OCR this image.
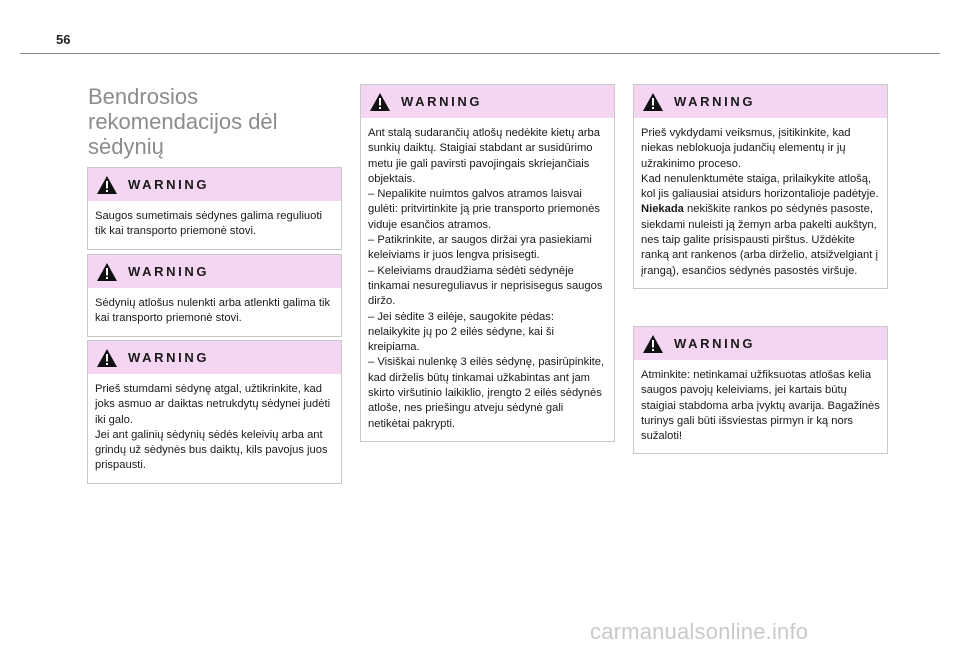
56
Bendrosios rekomendacijos dėl sėdynių
WARNING
Saugos sumetimais sėdynes galima reguliuoti tik kai transporto priemonė stovi.
WARNING
Sėdynių atlošus nulenkti arba atlenkti galima tik kai transporto priemonė stovi.
WARNING
Prieš stumdami sėdynę atgal, užtikrinkite, kad joks asmuo ar daiktas netrukdytų sėdynei judėti iki galo.
Jei ant galinių sėdynių sėdės keleivių arba ant grindų už sėdynės bus daiktų, kils pavojus juos prispausti.
WARNING
Ant stalą sudarančių atlošų nedėkite kietų arba sunkių daiktų. Staigiai stabdant ar susidūrimo metu jie gali pavirsti pavojingais skriejančiais objektais.
– Nepalikite nuimtos galvos atramos laisvai gulėti: pritvirtinkite ją prie transporto priemonės viduje esančios atramos.
– Patikrinkite, ar saugos diržai yra pasiekiami keleiviams ir juos lengva prisisegti.
– Keleiviams draudžiama sėdėti sėdynėje tinkamai nesureguliavus ir neprisisegus saugos diržo.
– Jei sėdite 3 eilėje, saugokite pėdas: nelaikykite jų po 2 eilės sėdyne, kai ši kreipiama.
– Visiškai nulenkę 3 eilės sėdynę, pasirūpinkite, kad dirželis būtų tinkamai užkabintas ant jam skirto viršutinio laikiklio, įrengto 2 eilės sėdynės atloše, nes priešingu atveju sėdynė gali netikėtai pakrypti.
WARNING
Prieš vykdydami veiksmus, įsitikinkite, kad niekas neblokuoja judančių elementų ir jų užrakinimo proceso.
Kad nenulenktumėte staiga, prilaikykite atlošą, kol jis galiausiai atsidurs horizontalioje padėtyje.
Niekada nekiškite rankos po sėdynės pasoste, siekdami nuleisti ją žemyn arba pakelti aukštyn, nes taip galite prisispausti pirštus. Uždėkite ranką ant rankenos (arba dirželio, atsižvelgiant į įrangą), esančios sėdynės pasostės viršuje.
WARNING
Atminkite: netinkamai užfiksuotas atlošas kelia saugos pavojų keleiviams, jei kartais būtų staigiai stabdoma arba įvyktų avarija. Bagažinės turinys gali būti išsviestas pirmyn ir ką nors sužaloti!
carmanualsonline.info
